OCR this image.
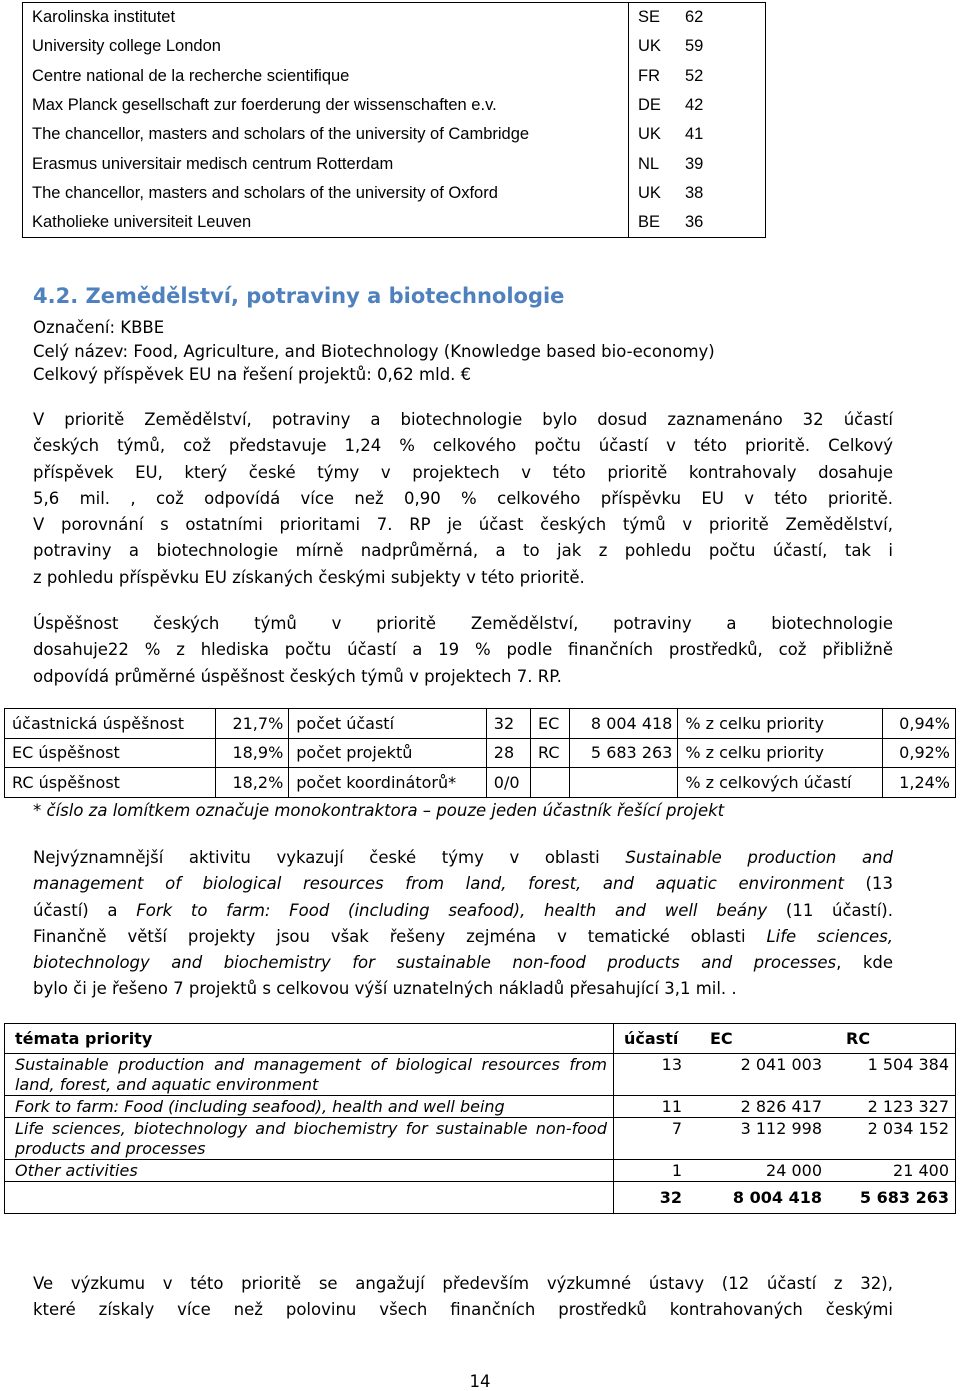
Karolinska institutet	SE	62
University college London	UK	59
Centre national de la recherche scientifique	FR	52
Max Planck gesellschaft zur foerderung der wissenschaften e.v.	DE	42
The chancellor, masters and scholars of the university of Cambridge	UK	41
Erasmus universitair medisch centrum Rotterdam	NL	39
The chancellor, masters and scholars of the university of Oxford	UK	38
Katholieke universiteit Leuven	BE	36
4.2. Zemědělství, potraviny a biotechnologie
Označení: KBBE
Celý název: Food, Agriculture, and Biotechnology (Knowledge based bio-economy)
Celkový příspěvek EU na řešení projektů: 0,62 mld. €
V prioritě Zemědělství, potraviny a biotechnologie bylo dosud zaznamenáno 32 účastí
českých týmů, což představuje 1,24 % celkového počtu účastí v této prioritě. Celkový
příspěvek EU, který české týmy v projektech v této prioritě kontrahovaly dosahuje
5,6 mil. , což odpovídá více než 0,90 % celkového příspěvku EU v této prioritě.
V porovnání s ostatními prioritami 7. RP je účast českých týmů v prioritě Zemědělství,
potraviny a biotechnologie mírně nadprůměrná, a to jak z pohledu počtu účastí, tak i
z pohledu příspěvku EU získaných českými subjekty v této prioritě.
Úspěšnost českých týmů v prioritě Zemědělství, potraviny a biotechnologie
dosahuje22 % z hlediska počtu účastí a 19 % podle finančních prostředků, což přibližně
odpovídá průměrné úspěšnost českých týmů v projektech 7. RP.
účastnická úspěšnost	21,7%	počet účastí	32	EC	8 004 418	% z celku priority	0,94%
EC úspěšnost	18,9%	počet projektů	28	RC	5 683 263	% z celku priority	0,92%
RC úspěšnost	18,2%	počet koordinátorů*	0/0			% z celkových účastí	1,24%
* číslo za lomítkem označuje monokontraktora – pouze jeden účastník řešící projekt
Nejvýznamnější aktivitu vykazují české týmy v oblasti Sustainable production and
management of biological resources from land, forest, and aquatic environment (13
účastí) a Fork to farm: Food (including seafood), health and well beány (11 účastí).
Finančně větší projekty jsou však řešeny zejména v tematické oblasti Life sciences,
biotechnology and biochemistry for sustainable non-food products and processes, kde
bylo či je řešeno 7 projektů s celkovou výší uznatelných nákladů přesahující 3,1 mil. .
témata priority	účastí	EC	RC
Sustainable production and management of biological resources from land, forest, and aquatic environment	13	2 041 003	1 504 384
Fork to farm: Food (including seafood), health and well being	11	2 826 417	2 123 327
Life sciences, biotechnology and biochemistry for sustainable non-food products and processes	7	3 112 998	2 034 152
Other activities	1	24 000	21 400
	32	8 004 418	5 683 263
Ve výzkumu v této prioritě se angažují především výzkumné ústavy (12 účastí z 32),
které získaly více než polovinu všech finančních prostředků kontrahovaných českými
14
